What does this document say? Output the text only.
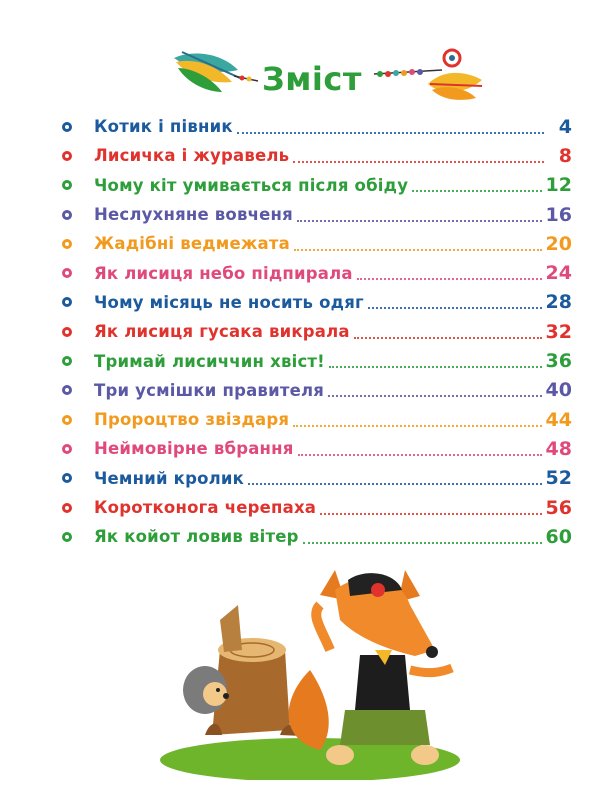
Зміст
Котик і півник	4
Лисичка і журавель	8
Чому кіт умивається після обіду	12
Неслухняне вовченя	16
Жадібні ведмежата	20
Як лисиця небо підпирала	24
Чому місяць не носить одяг	28
Як лисиця гусака викрала	32
Тримай лисиччин хвіст!	36
Три усмішки правителя	40
Пророцтво звіздаря	44
Неймовірне вбрання	48
Чемний кролик	52
Коротконога черепаха	56
Як койот ловив вітер	60
